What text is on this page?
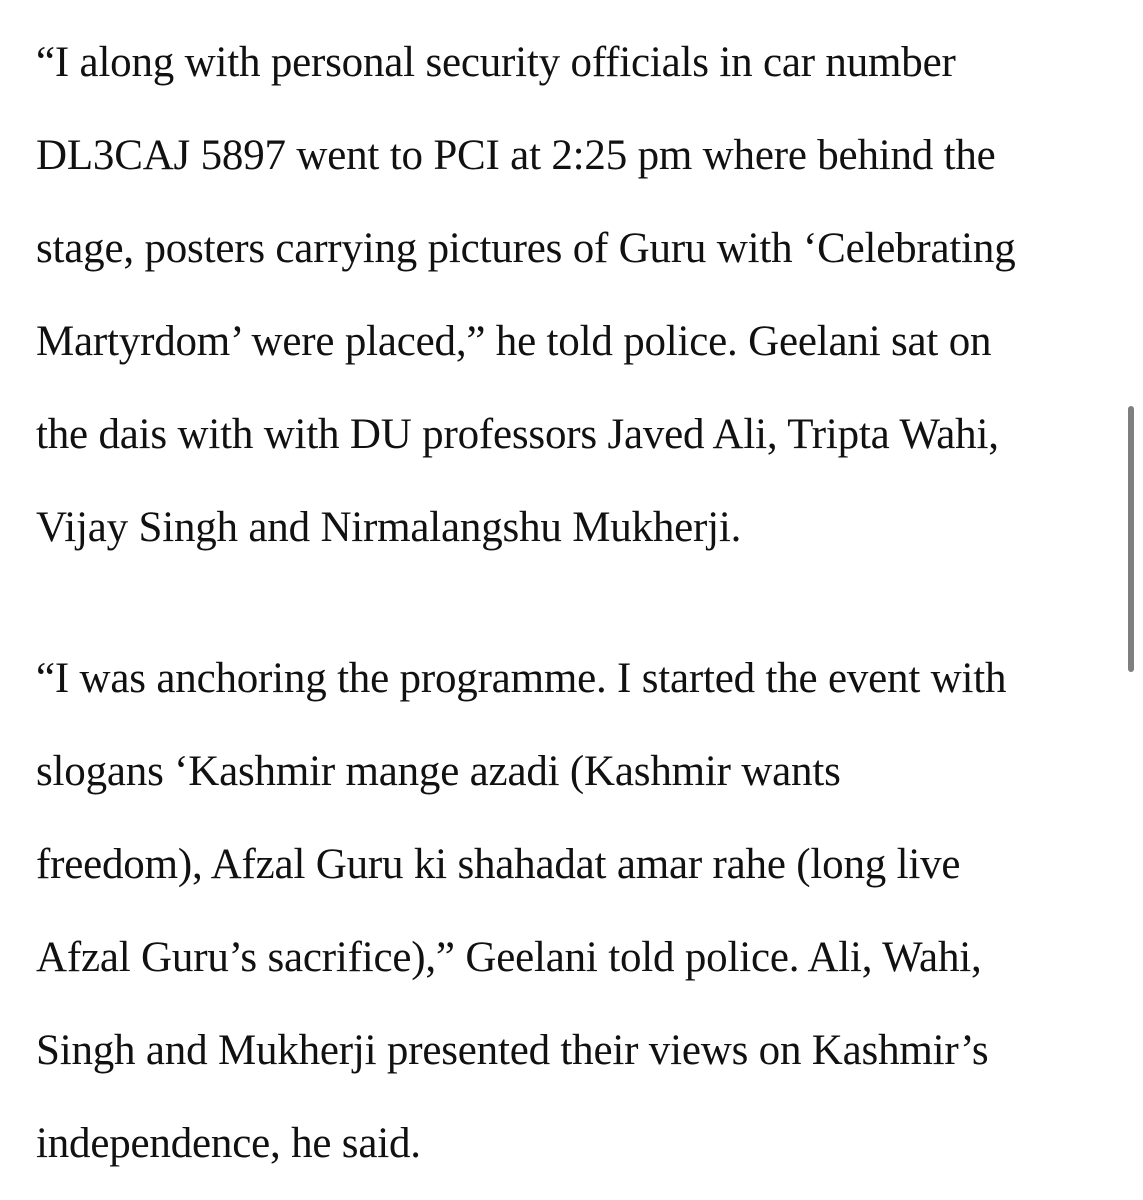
“I along with personal security officials in car number
DL3CAJ 5897 went to PCI at 2:25 pm where behind the
stage, posters carrying pictures of Guru with ‘Celebrating
Martyrdom’ were placed,” he told police. Geelani sat on
the dais with with DU professors Javed Ali, Tripta Wahi,
Vijay Singh and Nirmalangshu Mukherji.

“I was anchoring the programme. I started the event with
slogans ‘Kashmir mange azadi (Kashmir wants
freedom), Afzal Guru ki shahadat amar rahe (long live
Afzal Guru’s sacrifice),” Geelani told police. Ali, Wahi,
Singh and Mukherji presented their views on Kashmir’s
independence, he said.
